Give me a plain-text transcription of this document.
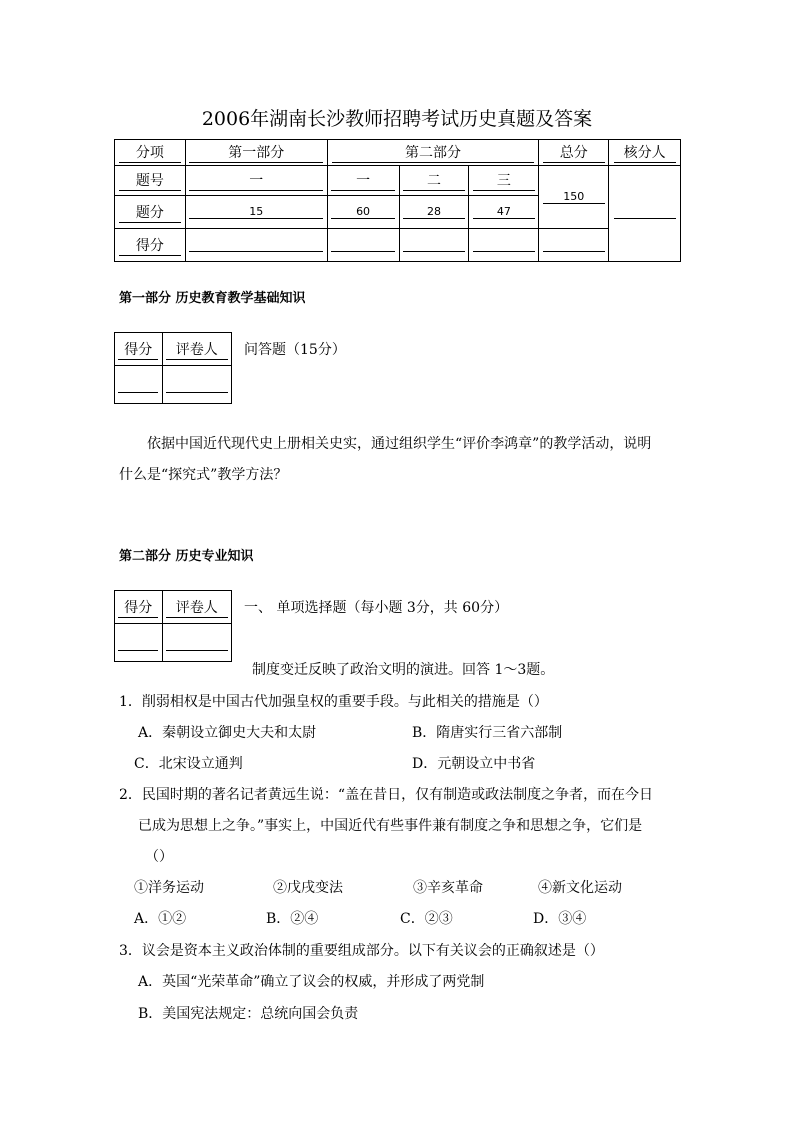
2006年湖南长沙教师招聘考试历史真题及答案
分项	第一部分	第二部分			总分	核分人
题号	一	一	二	三	150	
题分	15	60	28	47		
得分						
第一部分 历史教育教学基础知识
得分	评卷人
	问答题（15分）
依据中国近代现代史上册相关史实，通过组织学生“评价李鸿章”的教学活动，说明
什么是“探究式”教学方法？
第二部分 历史专业知识
得分	评卷人
	一、 单项选择题（每小题 3分，共 60分）
制度变迁反映了政治文明的演进。回答 1～3题。
1．削弱相权是中国古代加强皇权的重要手段。与此相关的措施是（）
A．秦朝设立御史大夫和太尉	B．隋唐实行三省六部制
C．北宋设立通判	D．元朝设立中书省
2．民国时期的著名记者黄远生说：“盖在昔日，仅有制造或政法制度之争者，而在今日
已成为思想上之争。”事实上，中国近代有些事件兼有制度之争和思想之争，它们是
（）
①洋务运动	②戊戌变法	③辛亥革命	④新文化运动
A．①②	B．②④	C．②③	D．③④
3．议会是资本主义政治体制的重要组成部分。以下有关议会的正确叙述是（）
A．英国“光荣革命”确立了议会的权威，并形成了两党制
B．美国宪法规定：总统向国会负责
